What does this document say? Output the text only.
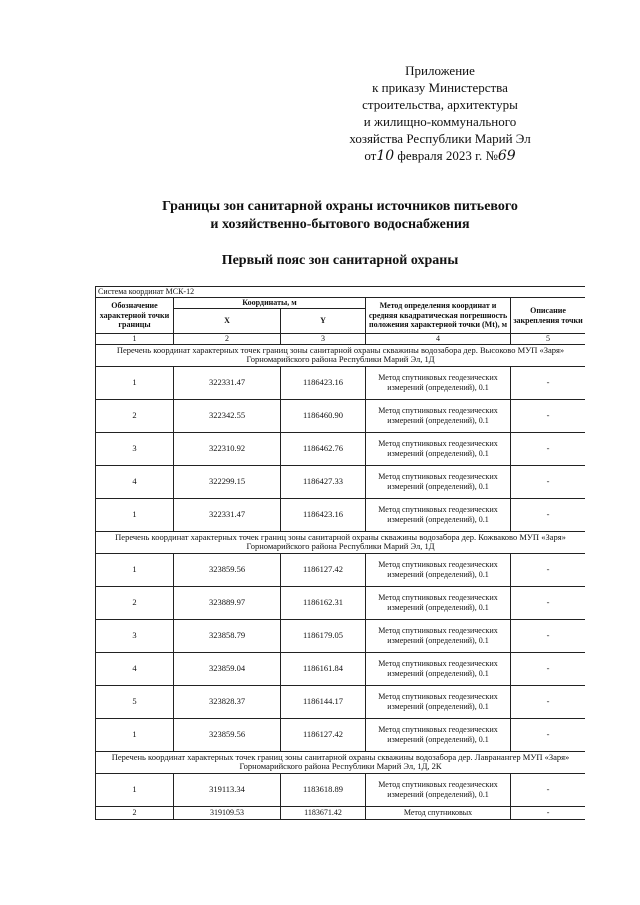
Приложение
к приказу Министерства
строительства, архитектуры
и жилищно-коммунального
хозяйства Республики Марий Эл
от10 февраля 2023 г. №69
Границы зон санитарной охраны источников питьевого
и хозяйственно-бытового водоснабжения
Первый пояс зон санитарной охраны
Система координат МСК-12				
Обозначение характерной точки границы	Координаты, м		Метод определения координат и средняя квадратическая погрешность положения характерной точки (Mt), м	Описание закрепления точки
	X	Y		
1	2	3	4	5
Перечень координат характерных точек границ зоны санитарной охраны скважины водозабора дер. Высоково МУП «Заря» Горномарийского района Республики Марий Эл, 1Д				
1	322331.47	1186423.16	Метод спутниковых геодезических измерений (определений), 0.1	-
2	322342.55	1186460.90	Метод спутниковых геодезических измерений (определений), 0.1	-
3	322310.92	1186462.76	Метод спутниковых геодезических измерений (определений), 0.1	-
4	322299.15	1186427.33	Метод спутниковых геодезических измерений (определений), 0.1	-
1	322331.47	1186423.16	Метод спутниковых геодезических измерений (определений), 0.1	-
Перечень координат характерных точек границ зоны санитарной охраны скважины водозабора дер. Кожваково МУП «Заря» Горномарийского района Республики Марий Эл, 1Д				
1	323859.56	1186127.42	Метод спутниковых геодезических измерений (определений), 0.1	-
2	323889.97	1186162.31	Метод спутниковых геодезических измерений (определений), 0.1	-
3	323858.79	1186179.05	Метод спутниковых геодезических измерений (определений), 0.1	-
4	323859.04	1186161.84	Метод спутниковых геодезических измерений (определений), 0.1	-
5	323828.37	1186144.17	Метод спутниковых геодезических измерений (определений), 0.1	-
1	323859.56	1186127.42	Метод спутниковых геодезических измерений (определений), 0.1	-
Перечень координат характерных точек границ зоны санитарной охраны скважины водозабора дер. Лавранангер МУП «Заря» Горномарийского района Республики Марий Эл, 1Д, 2К				
1	319113.34	1183618.89	Метод спутниковых геодезических измерений (определений), 0.1	-
2	319109.53	1183671.42	Метод спутниковых	-
